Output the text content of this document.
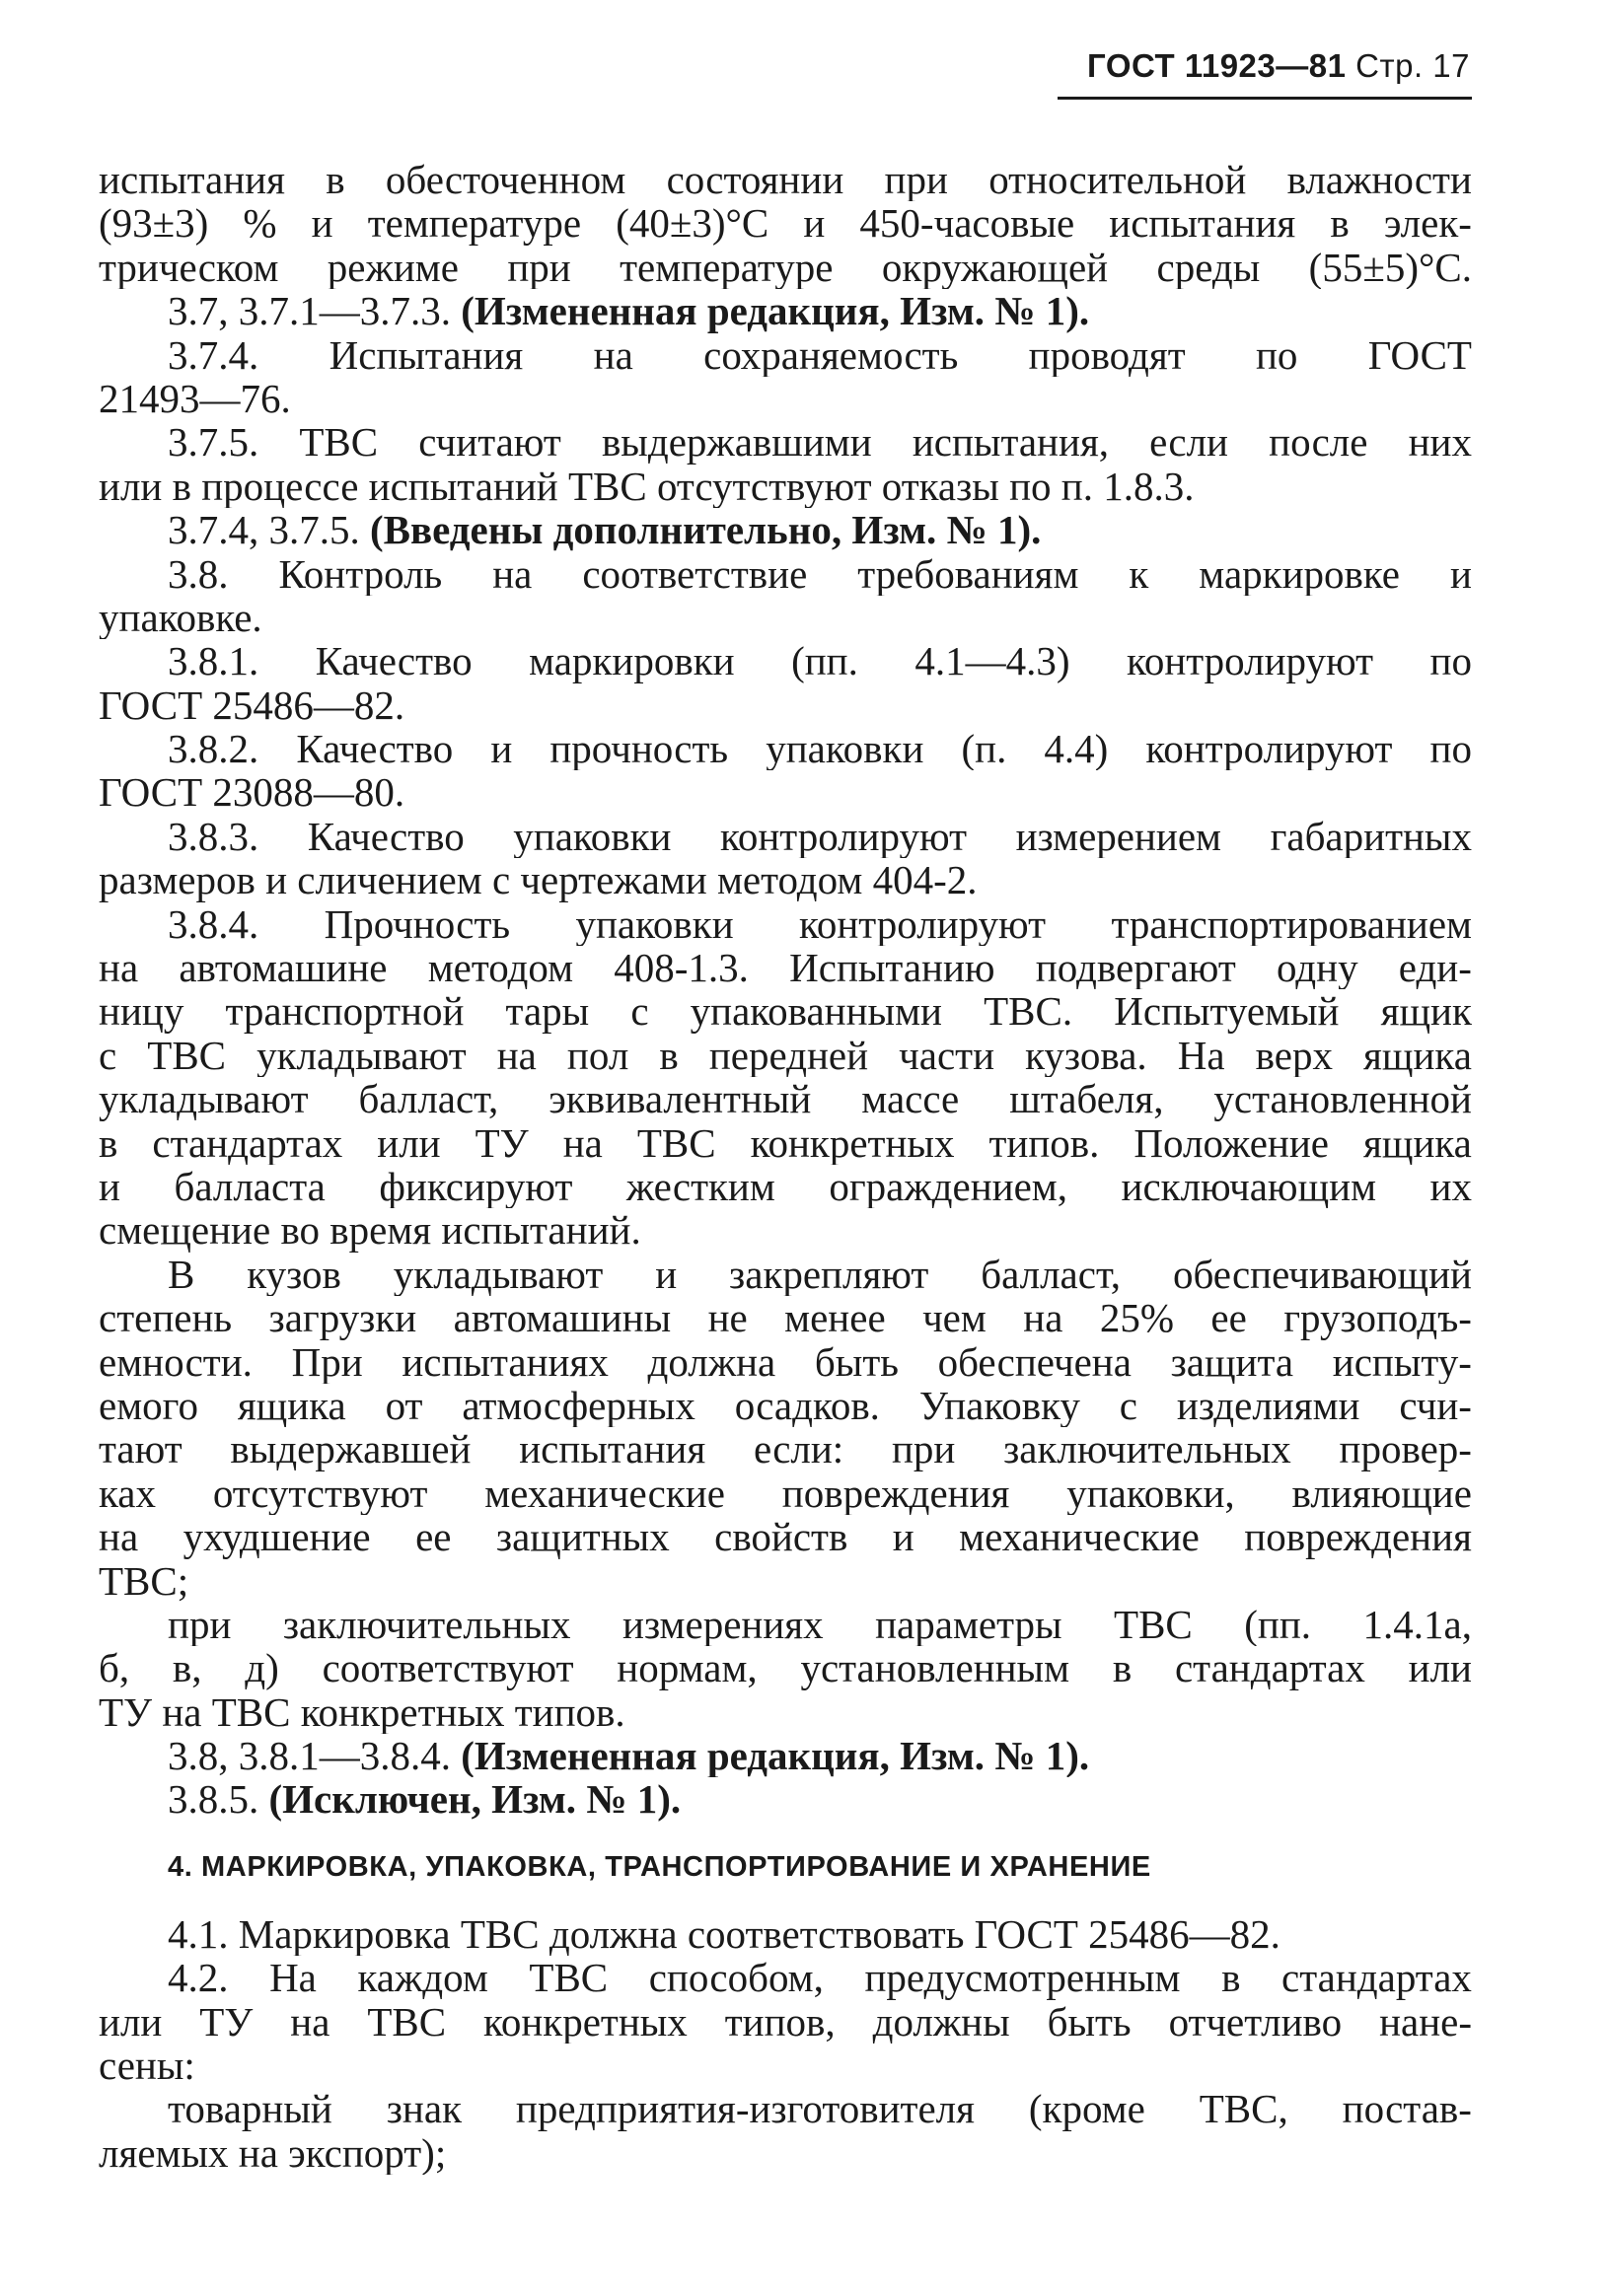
ГОСТ 11923—81 Стр. 17
испытания в обесточенном состоянии при относительной влажности
(93±3) % и температуре (40±3)°С и 450-часовые испытания в элек-
трическом режиме при температуре окружающей среды (55±5)°С.
3.7, 3.7.1—3.7.3. (Измененная редакция, Изм. № 1).
3.7.4. Испытания на сохраняемость проводят по ГОСТ
21493—76.
3.7.5. ТВС считают выдержавшими испытания, если после них
или в процессе испытаний ТВС отсутствуют отказы по п. 1.8.3.
3.7.4, 3.7.5. (Введены дополнительно, Изм. № 1).
3.8. Контроль на соответствие требованиям к маркировке и
упаковке.
3.8.1. Качество маркировки (пп. 4.1—4.3) контролируют по
ГОСТ 25486—82.
3.8.2. Качество и прочность упаковки (п. 4.4) контролируют по
ГОСТ 23088—80.
3.8.3. Качество упаковки контролируют измерением габаритных
размеров и сличением с чертежами методом 404-2.
3.8.4. Прочность упаковки контролируют транспортированием
на автомашине методом 408-1.3. Испытанию подвергают одну еди-
ницу транспортной тары с упакованными ТВС. Испытуемый ящик
с ТВС укладывают на пол в передней части кузова. На верх ящика
укладывают балласт, эквивалентный массе штабеля, установленной
в стандартах или ТУ на ТВС конкретных типов. Положение ящика
и балласта фиксируют жестким ограждением, исключающим их
смещение во время испытаний.
В кузов укладывают и закрепляют балласт, обеспечивающий
степень загрузки автомашины не менее чем на 25% ее грузоподъ-
емности. При испытаниях должна быть обеспечена защита испыту-
емого ящика от атмосферных осадков. Упаковку с изделиями счи-
тают выдержавшей испытания если: при заключительных провер-
ках отсутствуют механические повреждения упаковки, влияющие
на ухудшение ее защитных свойств и механические повреждения
ТВС;
при заключительных измерениях параметры ТВС (пп. 1.4.1а,
б, в, д) соответствуют нормам, установленным в стандартах или
ТУ на ТВС конкретных типов.
3.8, 3.8.1—3.8.4. (Измененная редакция, Изм. № 1).
3.8.5. (Исключен, Изм. № 1).
4. МАРКИРОВКА, УПАКОВКА, ТРАНСПОРТИРОВАНИЕ И ХРАНЕНИЕ
4.1. Маркировка ТВС должна соответствовать ГОСТ 25486—82.
4.2. На каждом ТВС способом, предусмотренным в стандартах
или ТУ на ТВС конкретных типов, должны быть отчетливо нане-
сены:
товарный знак предприятия-изготовителя (кроме ТВС, постав-
ляемых на экспорт);
